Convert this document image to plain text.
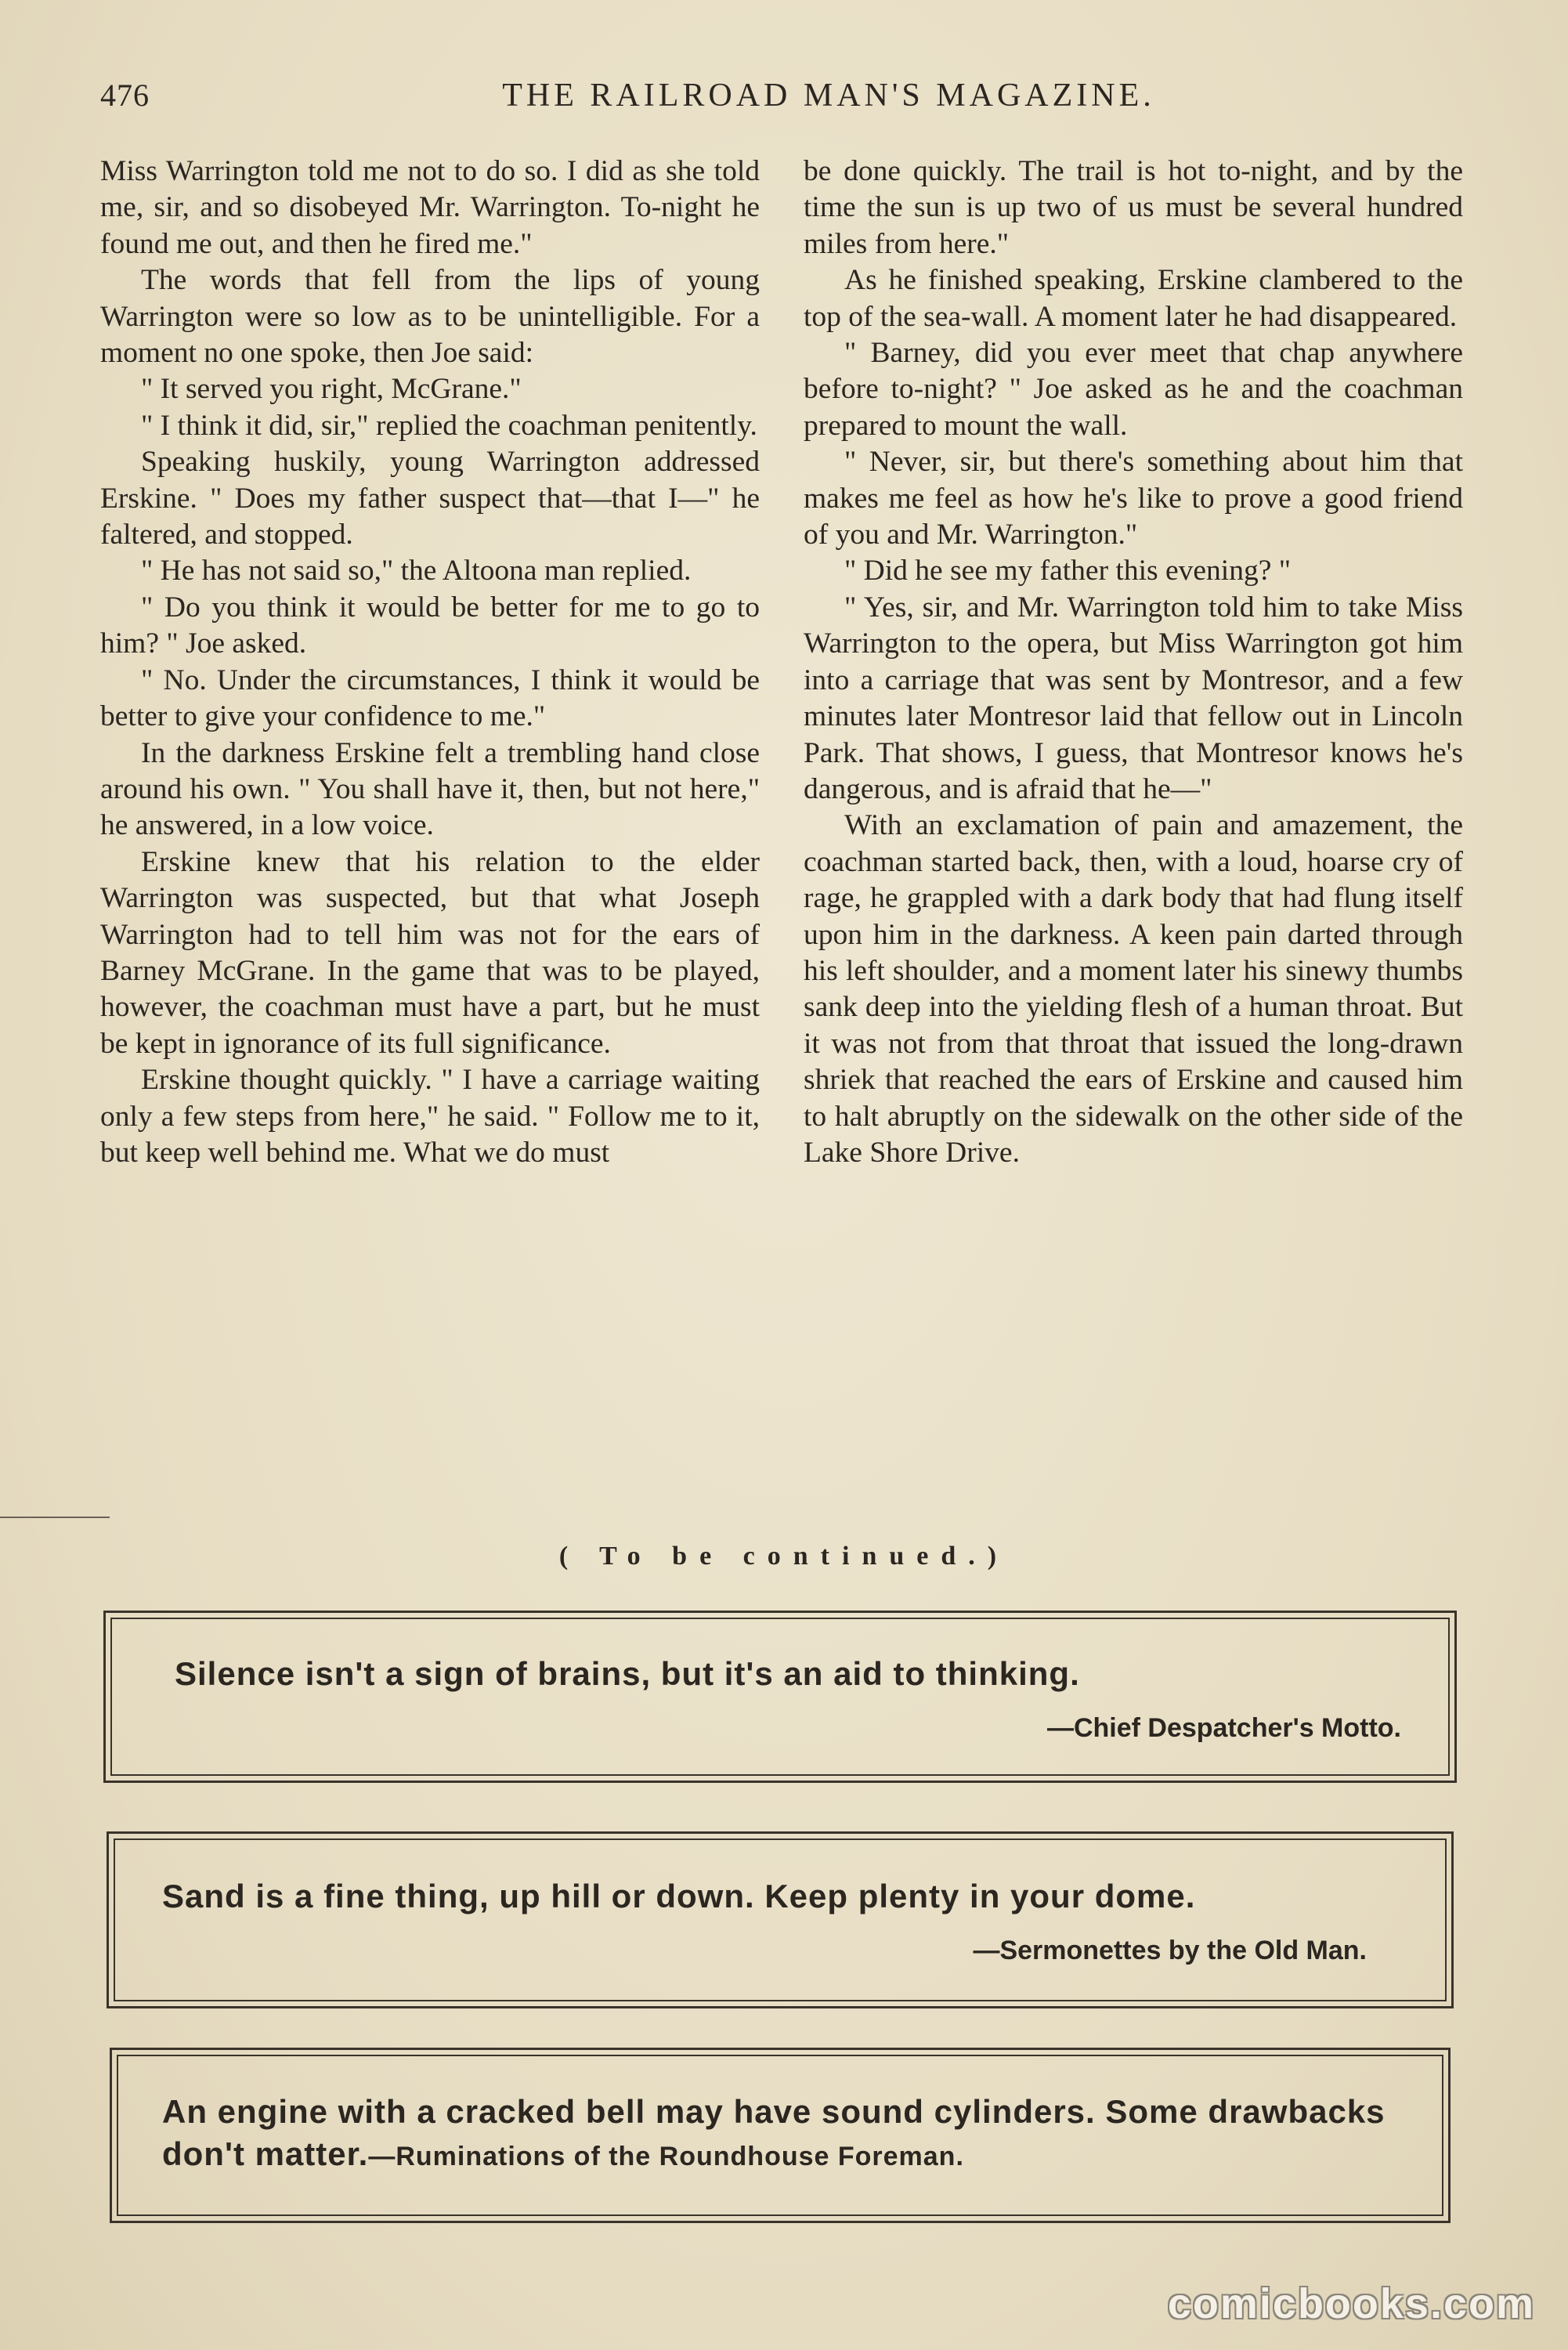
476	THE RAILROAD MAN'S MAGAZINE.

Miss Warrington told me not to do so. I did as she told me, sir, and so disobeyed Mr. Warrington. To-night he found me out, and then he fired me."

The words that fell from the lips of young Warrington were so low as to be unintelligible. For a moment no one spoke, then Joe said:

" It served you right, McGrane."

" I think it did, sir," replied the coachman penitently.

Speaking huskily, young Warrington addressed Erskine. " Does my father suspect that—that I—" he faltered, and stopped.

" He has not said so," the Altoona man replied.

" Do you think it would be better for me to go to him? " Joe asked.

" No. Under the circumstances, I think it would be better to give your confidence to me."

In the darkness Erskine felt a trembling hand close around his own. " You shall have it, then, but not here," he answered, in a low voice.

Erskine knew that his relation to the elder Warrington was suspected, but that what Joseph Warrington had to tell him was not for the ears of Barney McGrane. In the game that was to be played, however, the coachman must have a part, but he must be kept in ignorance of its full significance.

Erskine thought quickly. " I have a carriage waiting only a few steps from here," he said. " Follow me to it, but keep well behind me. What we do must

be done quickly. The trail is hot to-night, and by the time the sun is up two of us must be several hundred miles from here."

As he finished speaking, Erskine clambered to the top of the sea-wall. A moment later he had disappeared.

" Barney, did you ever meet that chap anywhere before to-night? " Joe asked as he and the coachman prepared to mount the wall.

" Never, sir, but there's something about him that makes me feel as how he's like to prove a good friend of you and Mr. Warrington."

" Did he see my father this evening? "

" Yes, sir, and Mr. Warrington told him to take Miss Warrington to the opera, but Miss Warrington got him into a carriage that was sent by Montresor, and a few minutes later Montresor laid that fellow out in Lincoln Park. That shows, I guess, that Montresor knows he's dangerous, and is afraid that he—"

With an exclamation of pain and amazement, the coachman started back, then, with a loud, hoarse cry of rage, he grappled with a dark body that had flung itself upon him in the darkness. A keen pain darted through his left shoulder, and a moment later his sinewy thumbs sank deep into the yielding flesh of a human throat. But it was not from that throat that issued the long-drawn shriek that reached the ears of Erskine and caused him to halt abruptly on the sidewalk on the other side of the Lake Shore Drive.

( To be continued.)
Silence isn't a sign of brains, but it's an aid to thinking.
—Chief Despatcher's Motto.
Sand is a fine thing, up hill or down. Keep plenty in your dome.
—Sermonettes by the Old Man.
An engine with a cracked bell may have sound cylinders. Some drawbacks don't matter.—Ruminations of the Roundhouse Foreman.
comicbooks.com
